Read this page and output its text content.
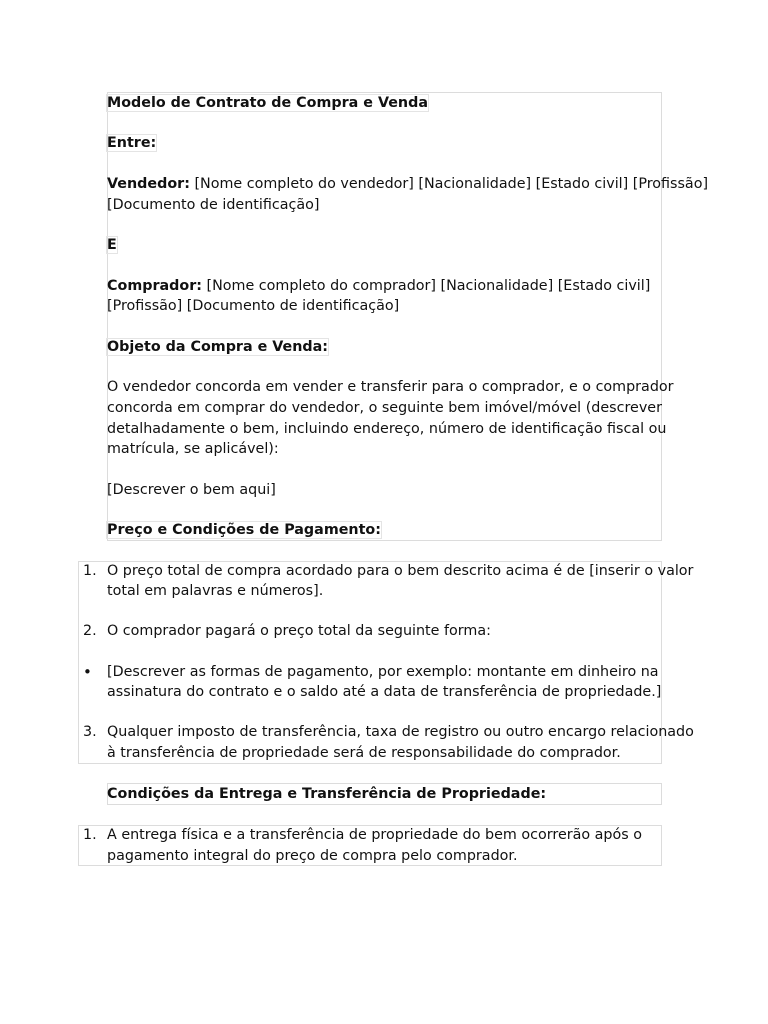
Modelo de Contrato de Compra e Venda
Entre:
Vendedor: [Nome completo do vendedor] [Nacionalidade] [Estado civil] [Profissão]
[Documento de identificação]
E
Comprador: [Nome completo do comprador] [Nacionalidade] [Estado civil]
[Profissão] [Documento de identificação]
Objeto da Compra e Venda:
O vendedor concorda em vender e transferir para o comprador, e o comprador
concorda em comprar do vendedor, o seguinte bem imóvel/móvel (descrever
detalhadamente o bem, incluindo endereço, número de identificação fiscal ou
matrícula, se aplicável):
[Descrever o bem aqui]
Preço e Condições de Pagamento:
1. O preço total de compra acordado para o bem descrito acima é de [inserir o valor
total em palavras e números].
2. O comprador pagará o preço total da seguinte forma:
• [Descrever as formas de pagamento, por exemplo: montante em dinheiro na
assinatura do contrato e o saldo até a data de transferência de propriedade.]
3. Qualquer imposto de transferência, taxa de registro ou outro encargo relacionado
à transferência de propriedade será de responsabilidade do comprador.
Condições da Entrega e Transferência de Propriedade:
1. A entrega física e a transferência de propriedade do bem ocorrerão após o
pagamento integral do preço de compra pelo comprador.
